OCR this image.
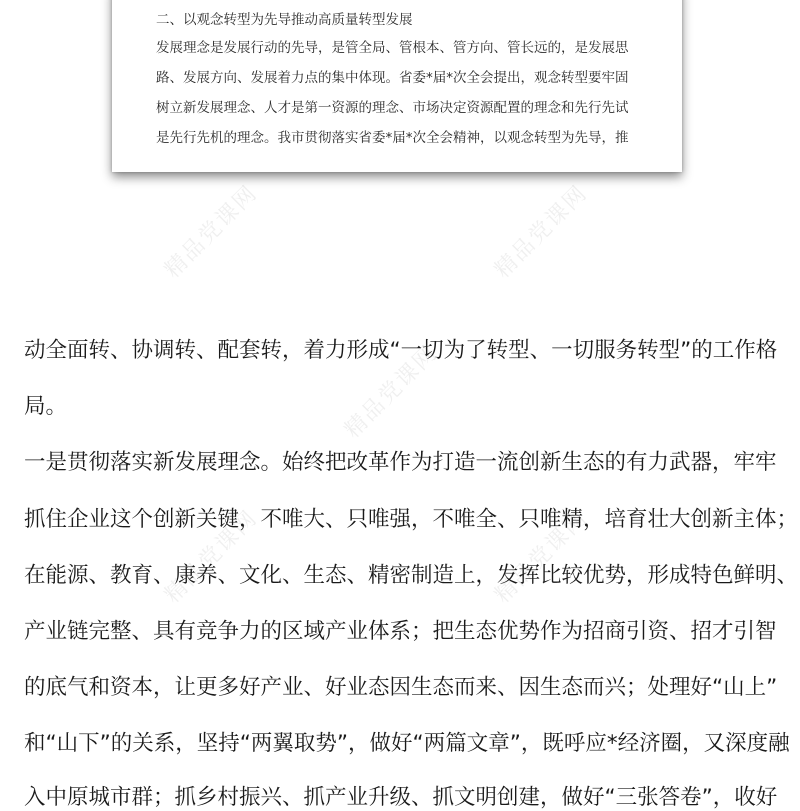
二、以观念转型为先导推动高质量转型发展
发展理念是发展行动的先导，是管全局、管根本、管方向、管长远的，是发展思
路、发展方向、发展着力点的集中体现。省委*届*次全会提出，观念转型要牢固
树立新发展理念、人才是第一资源的理念、市场决定资源配置的理念和先行先试
是先行先机的理念。我市贯彻落实省委*届*次全会精神，以观念转型为先导，推
精品党课网	精品党课网
精品党课网
精品党课网	精品党课网
动全面转、协调转、配套转，着力形成“一切为了转型、一切服务转型”的工作格
局。
一是贯彻落实新发展理念。始终把改革作为打造一流创新生态的有力武器，牢牢
抓住企业这个创新关键，不唯大、只唯强，不唯全、只唯精，培育壮大创新主体；
在能源、教育、康养、文化、生态、精密制造上，发挥比较优势，形成特色鲜明、
产业链完整、具有竞争力的区域产业体系；把生态优势作为招商引资、招才引智
的底气和资本，让更多好产业、好业态因生态而来、因生态而兴；处理好“山上”
和“山下”的关系，坚持“两翼取势”，做好“两篇文章”，既呼应*经济圈，又深度融
入中原城市群；抓乡村振兴、抓产业升级、抓文明创建，做好“三张答卷”，收好
